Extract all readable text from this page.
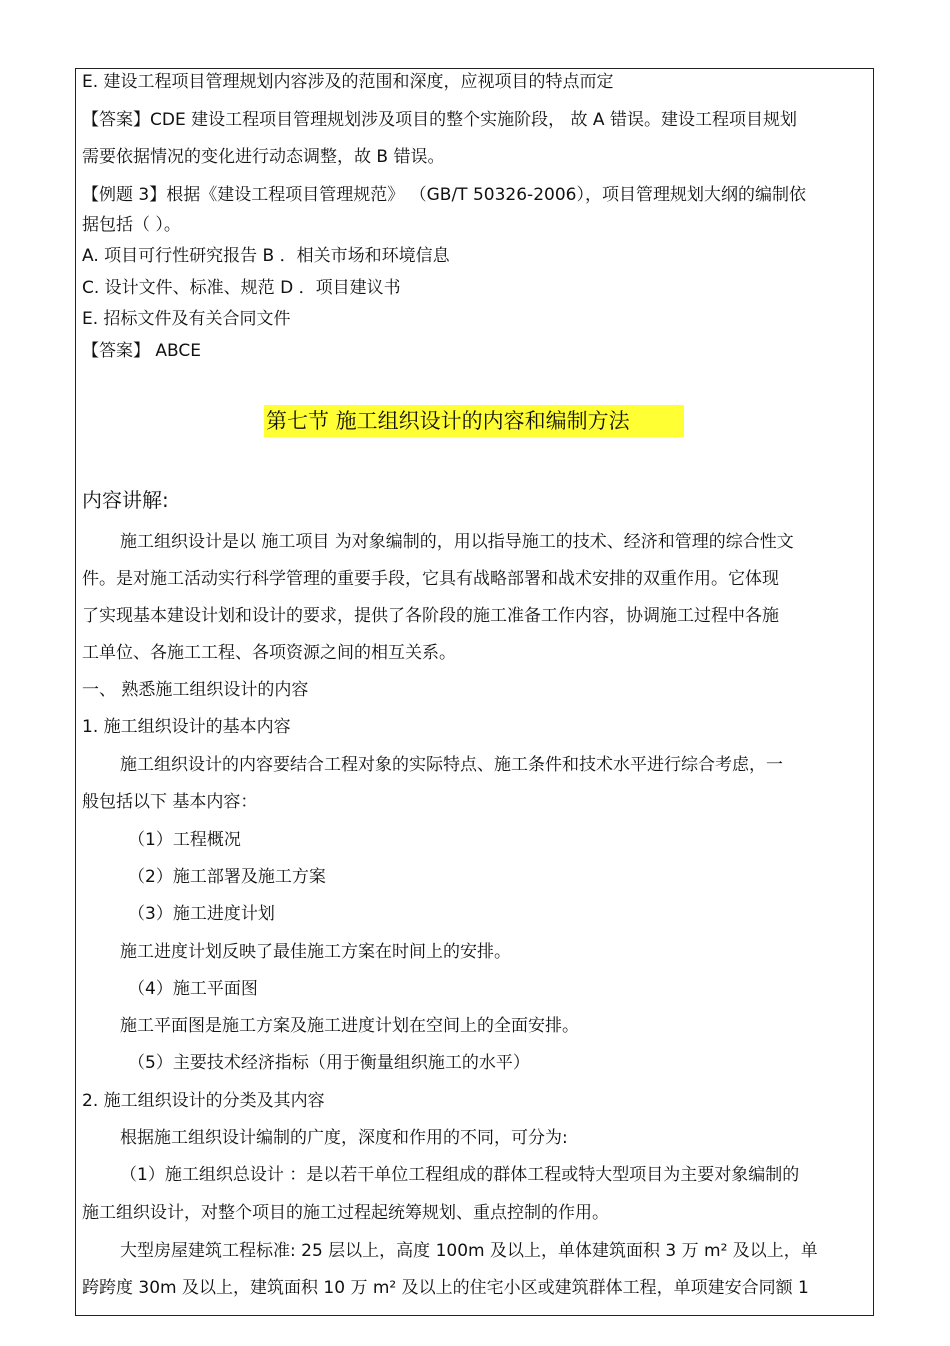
E. 建设工程项目管理规划内容涉及的范围和深度，应视项目的特点而定
【答案】CDE 建设工程项目管理规划涉及项目的整个实施阶段， 故 A 错误。建设工程项目规划
需要依据情况的变化进行动态调整，故 B 错误。
【例题 3】根据《建设工程项目管理规范》 （GB/T 50326-2006），项目管理规划大纲的编制依
据包括（ ）。
A. 项目可行性研究报告 B ．相关市场和环境信息
C. 设计文件、标准、规范 D ．项目建议书
E. 招标文件及有关合同文件
【答案】 ABCE
第七节 施工组织设计的内容和编制方法
内容讲解:
施工组织设计是以 施工项目 为对象编制的，用以指导施工的技术、经济和管理的综合性文
件。是对施工活动实行科学管理的重要手段，它具有战略部署和战术安排的双重作用。它体现
了实现基本建设计划和设计的要求，提供了各阶段的施工准备工作内容，协调施工过程中各施
工单位、各施工工程、各项资源之间的相互关系。
一、 熟悉施工组织设计的内容
1. 施工组织设计的基本内容
施工组织设计的内容要结合工程对象的实际特点、施工条件和技术水平进行综合考虑，一
般包括以下 基本内容：
（1）工程概况
（2）施工部署及施工方案
（3）施工进度计划
施工进度计划反映了最佳施工方案在时间上的安排。
（4）施工平面图
施工平面图是施工方案及施工进度计划在空间上的全面安排。
（5）主要技术经济指标（用于衡量组织施工的水平）
2. 施工组织设计的分类及其内容
根据施工组织设计编制的广度，深度和作用的不同，可分为:
（1）施工组织总设计 ：是以若干单位工程组成的群体工程或特大型项目为主要对象编制的
施工组织设计，对整个项目的施工过程起统筹规划、重点控制的作用。
大型房屋建筑工程标准: 25 层以上，高度 100m 及以上，单体建筑面积 3 万 m² 及以上，单
跨跨度 30m 及以上，建筑面积 10 万 m² 及以上的住宅小区或建筑群体工程，单项建安合同额 1
